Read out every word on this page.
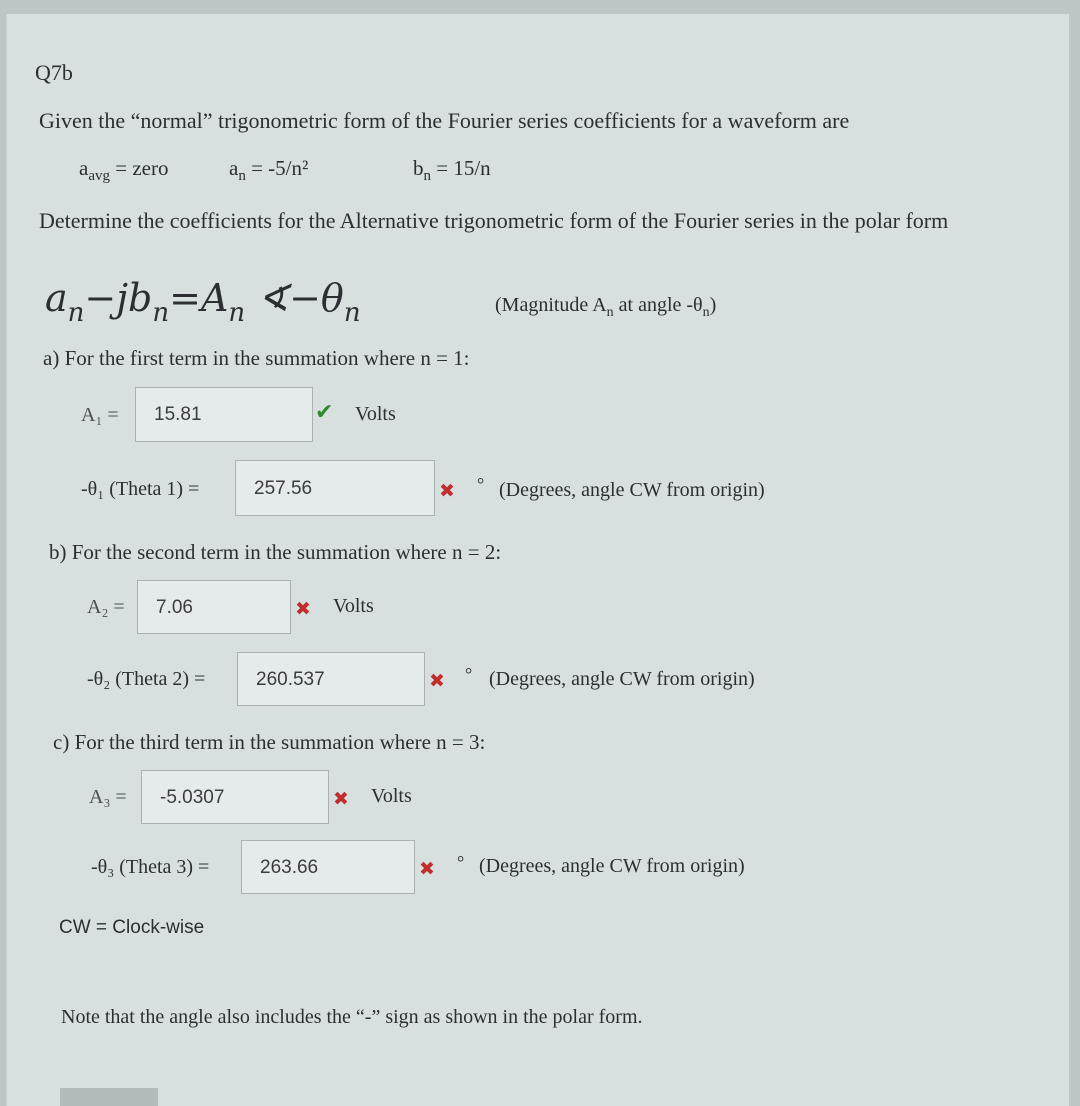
Q7b
Given the “normal” trigonometric form of the Fourier series coefficients for a waveform are
$a_{avg}$ = zero	$a_n = -5/n^2$	$b_n = 15/n$
Determine the coefficients for the Alternative trigonometric form of the Fourier series in the polar form
$a_n-jb_n=A_n$ $∢-\theta_n$	(Magnitude $A_n$ at angle $-\theta_n$)
a) For the first term in the summation where n = 1:
A₁ =	15.81	✔ Volts
-θ₁ (Theta 1) =	257.56	✖ ° (Degrees, angle CW from origin)
b) For the second term in the summation where n = 2:
A₂ =	7.06	✖ Volts
-θ₂ (Theta 2) =	260.537	✖ ° (Degrees, angle CW from origin)
c) For the third term in the summation where n = 3:
A₃ =	-5.0307	✖ Volts
-θ₃ (Theta 3) =	263.66	✖ ° (Degrees, angle CW from origin)
CW = Clock-wise
Note that the angle also includes the “-” sign as shown in the polar form.
